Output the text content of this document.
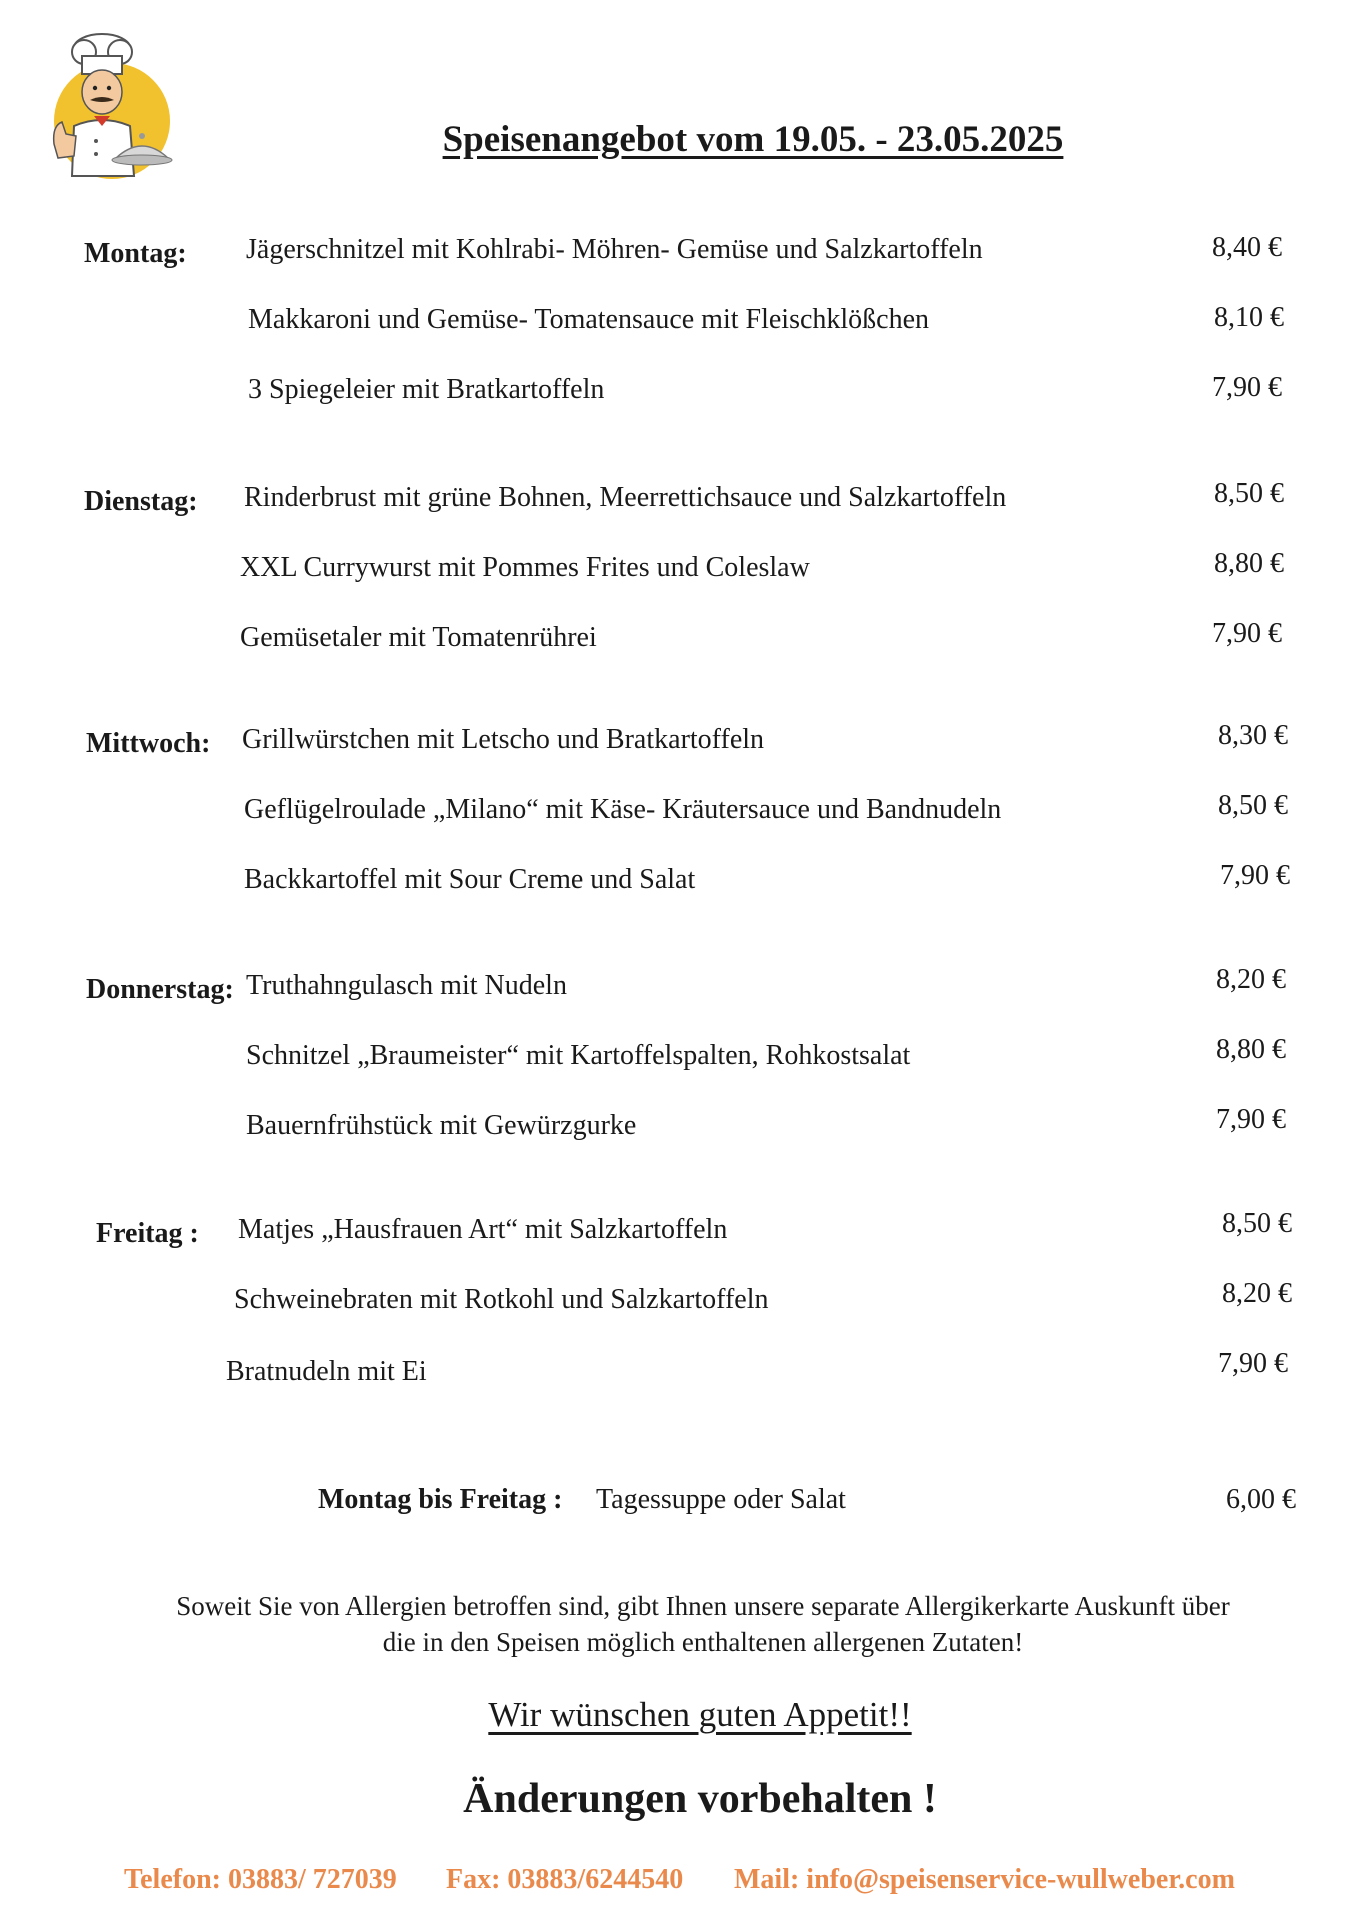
Speisenangebot vom 19.05. - 23.05.2025
Montag: Jägerschnitzel mit Kohlrabi- Möhren- Gemüse und Salzkartoffeln	8,40 €
Makkaroni und Gemüse- Tomatensauce mit Fleischklößchen	8,10 €
3 Spiegeleier mit Bratkartoffeln	7,90 €
Dienstag: Rinderbrust mit grüne Bohnen, Meerrettichsauce und Salzkartoffeln	8,50 €
XXL Currywurst mit Pommes Frites und Coleslaw	8,80 €
Gemüsetaler mit Tomatenrührei	7,90 €
Mittwoch: Grillwürstchen mit Letscho und Bratkartoffeln	8,30 €
Geflügelroulade „Milano“ mit Käse- Kräutersauce und Bandnudeln	8,50 €
Backkartoffel mit Sour Creme und Salat	7,90 €
Donnerstag: Truthahngulasch mit Nudeln	8,20 €
Schnitzel „Braumeister“ mit Kartoffelspalten, Rohkostsalat	8,80 €
Bauernfrühstück mit Gewürzgurke	7,90 €
Freitag : Matjes „Hausfrauen Art“ mit Salzkartoffeln	8,50 €
Schweinebraten mit Rotkohl und Salzkartoffeln	8,20 €
Bratnudeln mit Ei	7,90 €
Montag bis Freitag : Tagessuppe oder Salat	6,00 €
Soweit Sie von Allergien betroffen sind, gibt Ihnen unsere separate Allergikerkarte Auskunft über
die in den Speisen möglich enthaltenen allergenen Zutaten!
Wir wünschen guten Appetit!!
Änderungen vorbehalten !
Telefon: 03883/ 727039 Fax: 03883/6244540 Mail: info@speisenservice-wullweber.com
